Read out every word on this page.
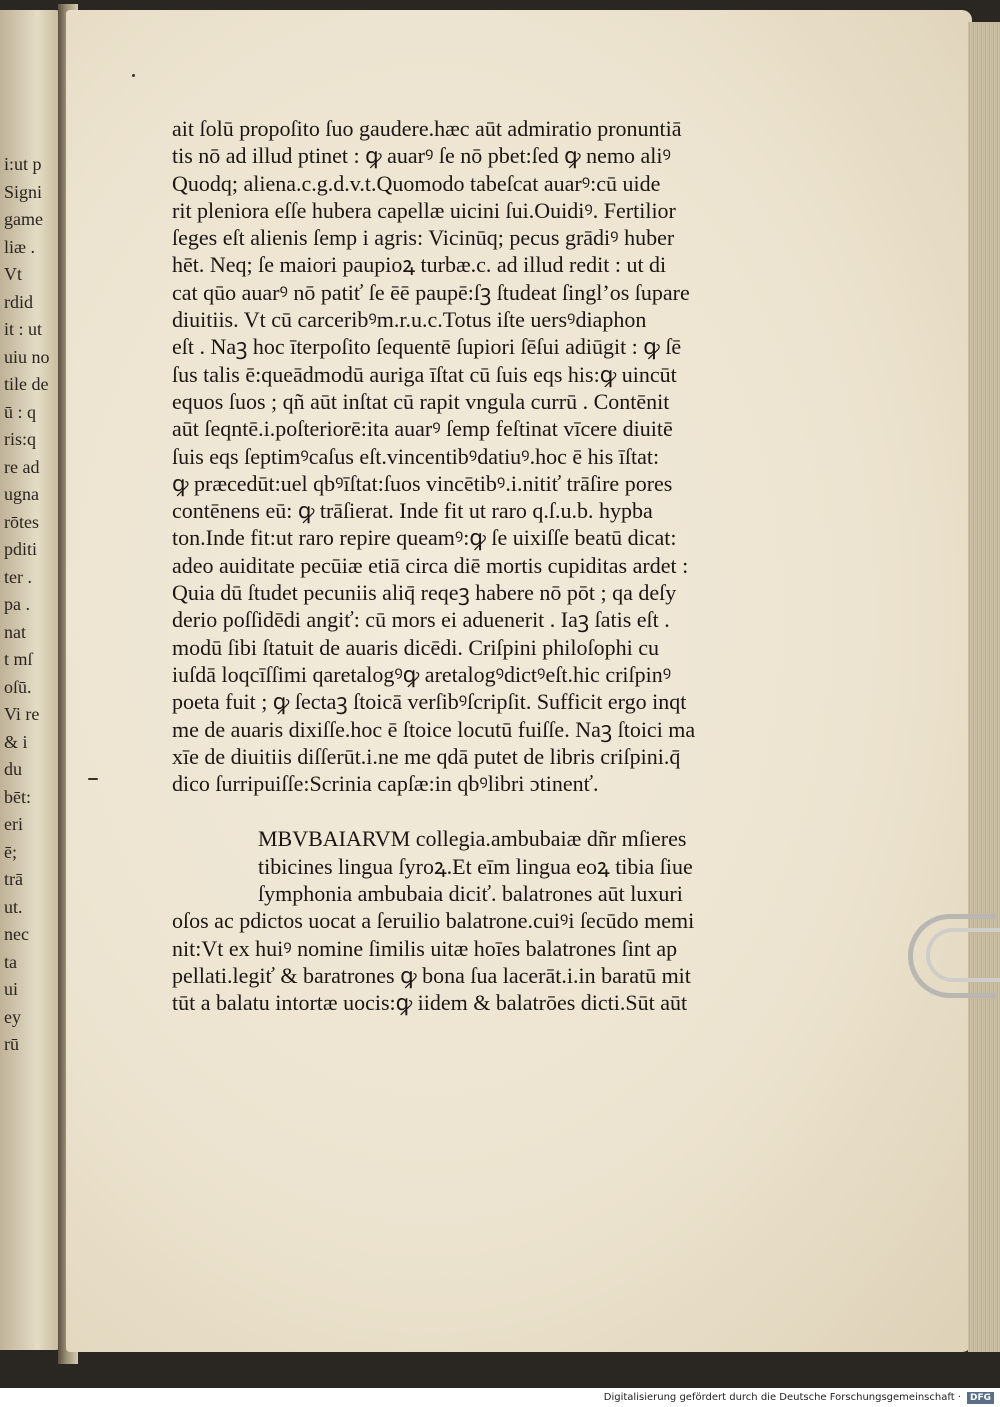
i:ut p
Signi
game
liæ .
Vt
rdid
it : ut
uiu no
tile de
ū : q
ris:q
re ad
ugna
rōtes
pditi
ter .
pa .
nat
t mſ
oſū.
Vi re
& i
du
bēt:
eri
ē;
trā
ut.
nec
ta
ui
ey
rū
ait ſolū propoſito ſuo gaudere.hæc aūt admiratio pronuntiā
tis nō ad illud ptinet : ꝙ auarꝰ ſe nō pbet:ſed ꝙ nemo aliꝰ
Quodq; aliena.c.g.d.v.t.Quomodo tabeſcat auarꝰ:cū uide
rit pleniora eſſe hubera capellæ uicini ſui.Ouidiꝰ. Fertilior
ſeges eſt alienis ſemp i agris: Vicinūq; pecus grādiꝰ huber
hēt. Neq; ſe maiori paupioꝝ turbæ.c. ad illud redit : ut di
cat qūo auarꝰ nō patiť ſe ēē paupē:ſꝫ ſtudeat ſingl’os ſupare
diuitiis. Vt cū carceribꝰm.r.u.c.Totus iſte uersꝰdiaphon
eſt . Naꝫ hoc īterpoſito ſequentē ſupiori ſēſui adiūgit : ꝙ ſē
ſus talis ē:queādmodū auriga īſtat cū ſuis eqs his:ꝙ uincūt
equos ſuos ; qñ aūt inſtat cū rapit vngula currū . Contēnit
aūt ſeqntē.i.poſteriorē:ita auarꝰ ſemp feſtinat vīcere diuitē
ſuis eqs ſeptimꝰcaſus eſt.vincentibꝰdatiuꝰ.hoc ē his īſtat:
ꝙ præcedūt:uel qbꝰīſtat:ſuos vincētibꝰ.i.nitiť trāſire pores
contēnens eū: ꝙ trāſierat. Inde fit ut raro q.ſ.u.b. hypba
ton.Inde fit:ut raro repire queamꝰ:ꝙ ſe uixiſſe beatū dicat:
adeo auiditate pecūiæ etiā circa diē mortis cupiditas ardet :
Quia dū ſtudet pecuniis aliq̄ reqeꝫ habere nō pōt ; qa deſy
derio poſſidēdi angiť: cū mors ei aduenerit . Iaꝫ ſatis eſt .
modū ſibi ſtatuit de auaris dicēdi. Criſpini philoſophi cu
iuſdā loqcīſſimi qaretalogꝰꝙ aretalogꝰdictꝰeſt.hic criſpinꝰ
poeta fuit ; ꝙ ſectaꝫ ſtoicā verſibꝰſcripſit. Sufficit ergo inqt
me de auaris dixiſſe.hoc ē ſtoice locutū fuiſſe. Naꝫ ſtoici ma
xīe de diuitiis diſſerūt.i.ne me qdā putet de libris criſpini.q̄
dico ſurripuiſſe:Scrinia capſæ:in qbꝰlibri ɔtinenť.
MBVBAIARVM collegia.ambubaiæ dñr mſieres
tibicines lingua ſyroꝝ.Et eīm lingua eoꝝ tibia ſiue
ſymphonia ambubaia diciť. balatrones aūt luxuri
oſos ac pdictos uocat a ſeruilio balatrone.cuiꝰi ſecūdo memi
nit:Vt ex huiꝰ nomine ſimilis uitæ hoīes balatrones ſint ap
pellati.legiť & baratrones ꝙ bona ſua lacerāt.i.in baratū mit
tūt a balatu intortæ uocis:ꝙ iidem & balatrōes dicti.Sūt aūt
Digitalisierung gefördert durch die Deutsche Forschungsgemeinschaft ·	DFG
